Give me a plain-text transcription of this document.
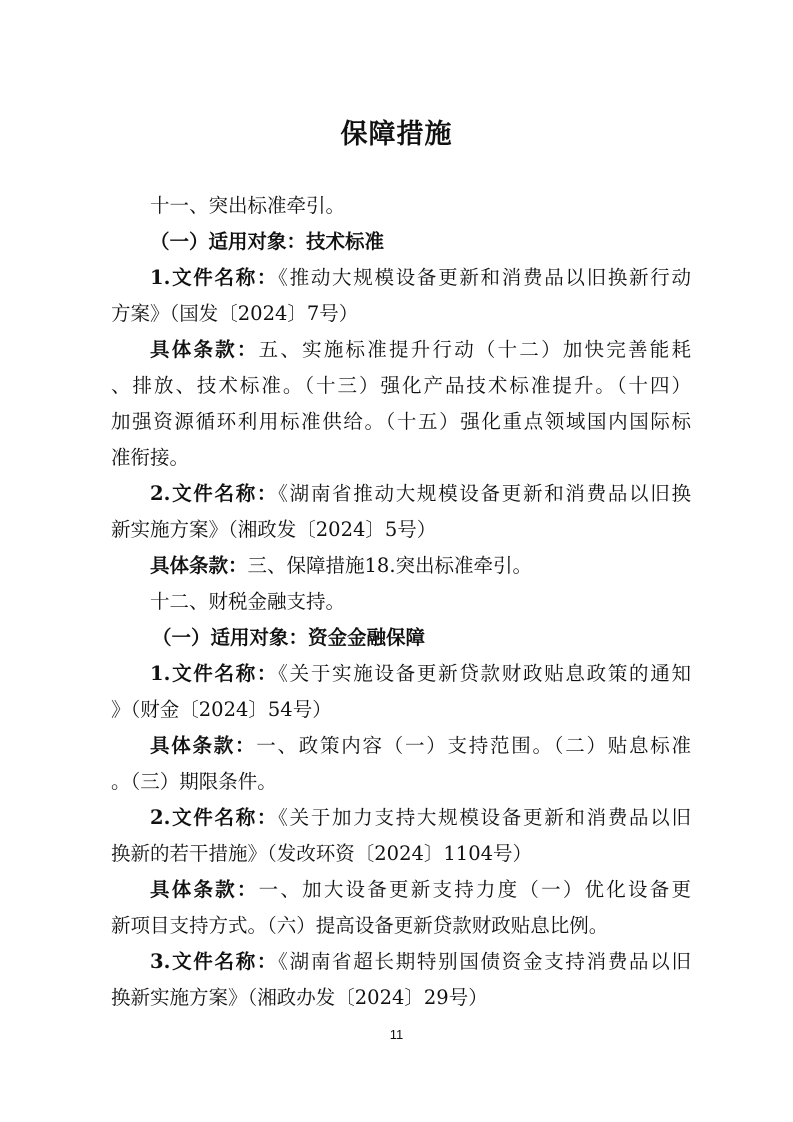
保障措施
十一、突出标准牵引。
（一）适用对象：技术标准
1.文件名称：《推动大规模设备更新和消费品以旧换新行动
方案》（国发〔2024〕7号）
具体条款：五、实施标准提升行动（十二）加快完善能耗
、排放、技术标准。（十三）强化产品技术标准提升。（十四）
加强资源循环利用标准供给。（十五）强化重点领域国内国际标
准衔接。
2.文件名称：《湖南省推动大规模设备更新和消费品以旧换
新实施方案》（湘政发〔2024〕5号）
具体条款：三、保障措施18.突出标准牵引。
十二、财税金融支持。
（一）适用对象：资金金融保障
1.文件名称：《关于实施设备更新贷款财政贴息政策的通知
》（财金〔2024〕54号）
具体条款：一、政策内容（一）支持范围。（二）贴息标准
。（三）期限条件。
2.文件名称：《关于加力支持大规模设备更新和消费品以旧
换新的若干措施》（发改环资〔2024〕1104号）
具体条款：一、加大设备更新支持力度（一）优化设备更
新项目支持方式。（六）提高设备更新贷款财政贴息比例。
3.文件名称：《湖南省超长期特别国债资金支持消费品以旧
换新实施方案》（湘政办发〔2024〕29号）
11
